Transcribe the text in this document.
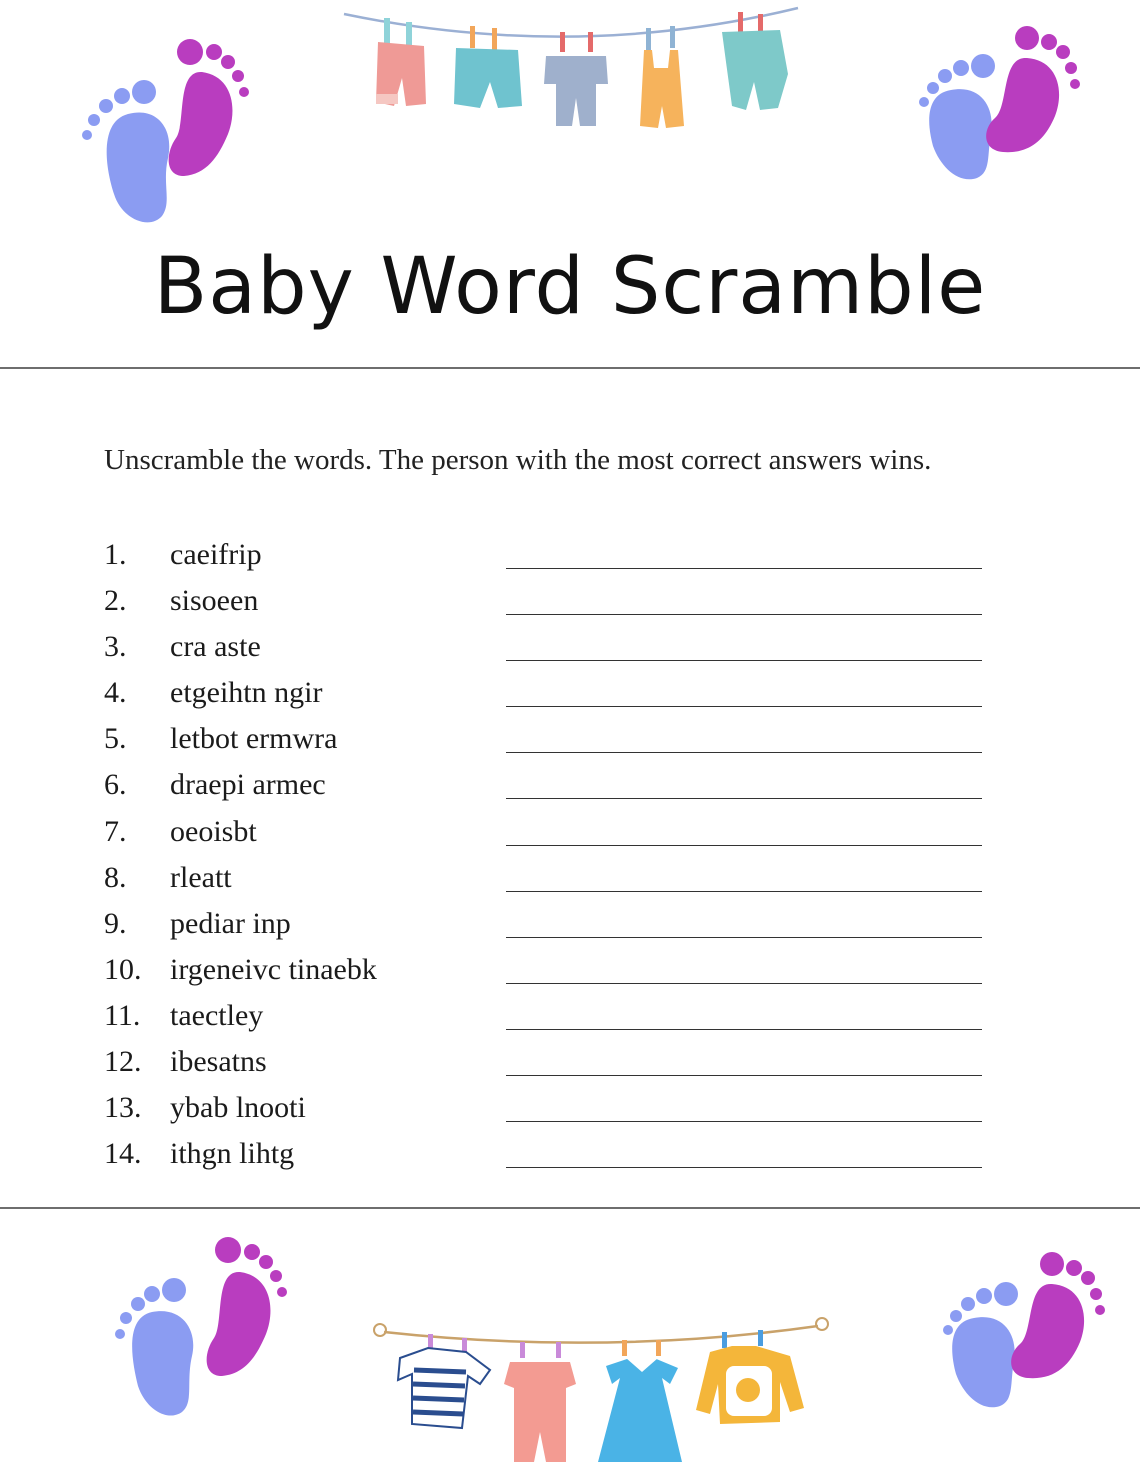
Baby Word Scramble
Unscramble the words. The person with the most correct answers wins.
1. caeifrip
2. sisoeen
3. cra aste
4. etgeihtn ngir
5. letbot ermwra
6. draepi armec
7. oeoisbt
8. rleatt
9. pediar inp
10. irgeneivc tinaebk
11. taectley
12. ibesatns
13. ybab lnooti
14. ithgn lihtg
